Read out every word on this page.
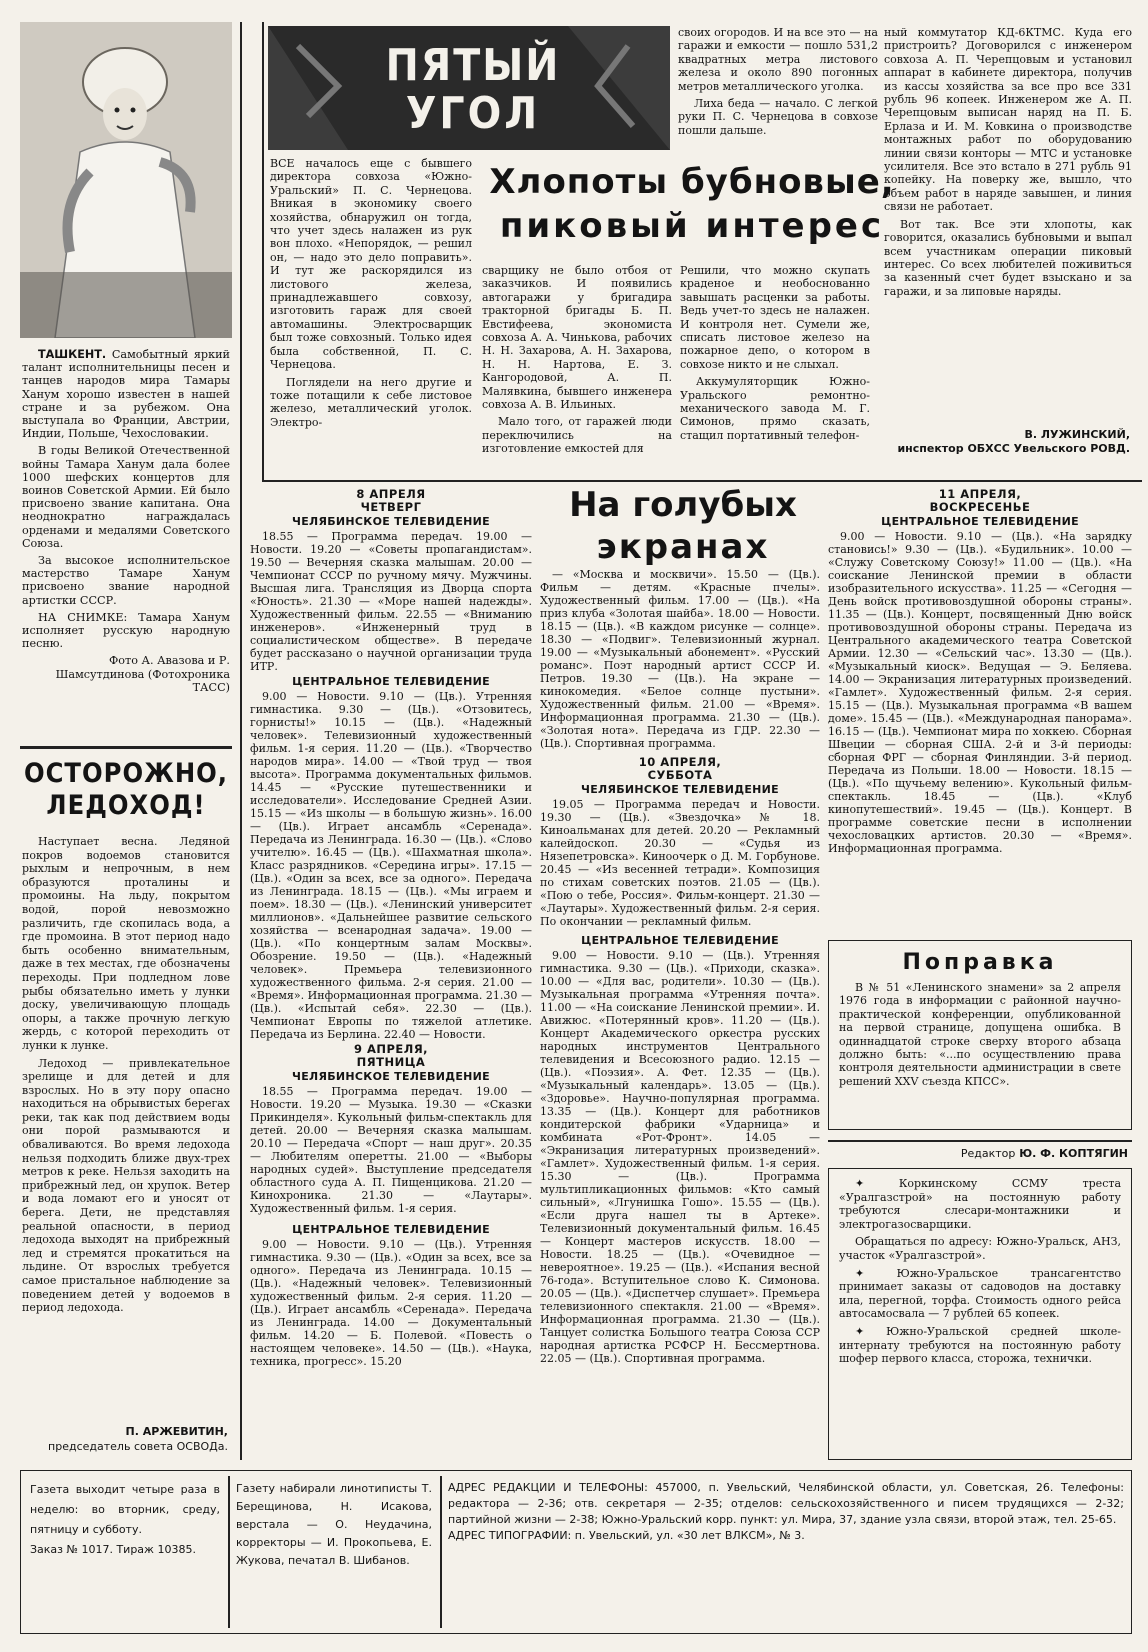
ТАШКЕНТ. Самобытный яркий талант исполнительницы песен и танцев народов мира Тамары Ханум хорошо известен в нашей стране и за рубежом. Она выступала во Франции, Австрии, Индии, Польше, Чехословакии.

В годы Великой Отечественной войны Тамара Ханум дала более 1000 шефских концертов для воинов Советской Армии. Ей было присвоено звание капитана. Она неоднократно награждалась орденами и медалями Советского Союза.

За высокое исполнительское мастерство Тамаре Ханум присвоено звание народной артистки СССР.

НА СНИМКЕ: Тамара Ханум исполняет русскую народную песню.

Фото А. Авазова и Р. Шамсутдинова (Фотохроника ТАСС)

ОСТОРОЖНО,
ЛЕДОХОД!

Наступает весна. Ледяной покров водоемов становится рыхлым и непрочным, в нем образуются проталины и промоины. На льду, покрытом водой, порой невозможно различить, где скопилась вода, а где промоина. В этот период надо быть особенно внимательным, даже в тех местах, где обозначены переходы. При подледном лове рыбы обязательно иметь у лунки доску, увеличивающую площадь опоры, а также прочную легкую жердь, с которой переходить от лунки к лунке.

Ледоход — привлекательное зрелище и для детей и для взрослых. Но в эту пору опасно находиться на обрывистых берегах реки, так как под действием воды они порой размываются и обваливаются. Во время ледохода нельзя подходить ближе двух-трех метров к реке. Нельзя заходить на прибрежный лед, он хрупок. Ветер и вода ломают его и уносят от берега. Дети, не представляя реальной опасности, в период ледохода выходят на прибрежный лед и стремятся прокатиться на льдине. От взрослых требуется самое пристальное наблюдение за поведением детей у водоемов в период ледохода.

П. АРЖЕВИТИН,
председатель совета ОСВОДа.
ПЯТЫЙ
УГОЛ

ВСЕ началось еще с бывшего директора совхоза «Южно-Уральский» П. С. Чернецова. Вникая в экономику своего хозяйства, обнаружил он тогда, что учет здесь налажен из рук вон плохо. «Непорядок, — решил он, — надо это дело поправить». И тут же раскорядился из листового железа, принадлежавшего совхозу, изготовить гараж для своей автомашины. Электросварщик был тоже совхозный. Только идея была собственной, П. С. Чернецова.

Поглядели на него другие и тоже потащили к себе листовое железо, металлический уголок. Электро-

Хлопоты бубновые,
пиковый интерес

своих огородов. И на все это — на гаражи и емкости — пошло 531,2 квадратных метра листового железа и около 890 погонных метров металлического уголка.

Лиха беда — начало. С легкой руки П. С. Чернецова в совхозе пошли дальше.

сварщику не было отбоя от заказчиков. И появились автогаражи у бригадира тракторной бригады Б. П. Евстифеева, экономиста совхоза А. А. Чинькова, рабочих Н. Н. Захарова, А. Н. Захарова, Н. Н. Нартова, Е. З. Кангородовой, А. П. Малявкина, бывшего инженера совхоза А. В. Ильиных.

Мало того, от гаражей люди переключились на изготовление емкостей для

Решили, что можно скупать краденое и необоснованно завышать расценки за работы. Ведь учет-то здесь не налажен. И контроля нет. Сумели же, списать листовое железо на пожарное депо, о котором в совхозе никто и не слыхал.

Аккумуляторщик Южно-Уральского ремонтно-механического завода М. Г. Симонов, прямо сказать, стащил портативный телефон-

ный коммутатор КД-6КТМС. Куда его пристроить? Договорился с инженером совхоза А. П. Черепцовым и установил аппарат в кабинете директора, получив из кассы хозяйства за все про все 331 рубль 96 копеек. Инженером же А. П. Черепцовым выписан наряд на П. Б. Ерлаза и И. М. Ковкина о производстве монтажных работ по оборудованию линии связи конторы — МТС и установке усилителя. Все это встало в 271 рубль 91 копейку. На поверку же, вышло, что объем работ в наряде завышен, и линия связи не работает.

Вот так. Все эти хлопоты, как говорится, оказались бубновыми и выпал всем участникам операции пиковый интерес. Со всех любителей поживиться за казенный счет будет взыскано и за гаражи, и за липовые наряды.

В. ЛУЖИНСКИЙ,
инспектор ОБХСС Увельского РОВД.
На голубых
экранах
8 АПРЕЛЯ
ЧЕТВЕРГ
ЧЕЛЯБИНСКОЕ ТЕЛЕВИДЕНИЕ
18.55 — Программа передач. 19.00 — Новости. 19.20 — «Советы пропагандистам». 19.50 — Вечерняя сказка малышам. 20.00 — Чемпионат СССР по ручному мячу. Мужчины. Высшая лига. Трансляция из Дворца спорта «Юность». 21.30 — «Море нашей надежды». Художественный фильм. 22.55 — «Вниманию инженеров». «Инженерный труд в социалистическом обществе». В передаче будет рассказано о научной организации труда ИТР.
ЦЕНТРАЛЬНОЕ ТЕЛЕВИДЕНИЕ
9.00 — Новости. 9.10 — (Цв.). Утренняя гимнастика. 9.30 — (Цв.). «Отзовитесь, горнисты!» 10.15 — (Цв.). «Надежный человек». Телевизионный художественный фильм. 1-я серия. 11.20 — (Цв.). «Творчество народов мира». 14.00 — «Твой труд — твоя высота». Программа документальных фильмов. 14.45 — «Русские путешественники и исследователи». Исследование Средней Азии. 15.15 — «Из школы — в большую жизнь». 16.00 — (Цв.). Играет ансамбль «Серенада». Передача из Ленинграда. 16.30 — (Цв.). «Слово учителю». 16.45 — (Цв.). «Шахматная школа». Класс разрядников. «Середина игры». 17.15 — (Цв.). «Один за всех, все за одного». Передача из Ленинграда. 18.15 — (Цв.). «Мы играем и поем». 18.30 — (Цв.). «Ленинский университет миллионов». «Дальнейшее развитие сельского хозяйства — всенародная задача». 19.00 — (Цв.). «По концертным залам Москвы». Обозрение. 19.50 — (Цв.). «Надежный человек». Премьера телевизионного художественного фильма. 2-я серия. 21.00 — «Время». Информационная программа. 21.30 — (Цв.). «Испытай себя». 22.30 — (Цв.). Чемпионат Европы по тяжелой атлетике. Передача из Берлина. 22.40 — Новости.
9 АПРЕЛЯ,
ПЯТНИЦА
ЧЕЛЯБИНСКОЕ ТЕЛЕВИДЕНИЕ
18.55 — Программа передач. 19.00 — Новости. 19.20 — Музыка. 19.30 — «Сказки Прикинделя». Кукольный фильм-спектакль для детей. 20.00 — Вечерняя сказка малышам. 20.10 — Передача «Спорт — наш друг». 20.35 — Любителям оперетты. 21.00 — «Выборы народных судей». Выступление председателя областного суда А. П. Пищенцикова. 21.20 — Кинохроника. 21.30 — «Лаутары». Художественный фильм. 1-я серия.
ЦЕНТРАЛЬНОЕ ТЕЛЕВИДЕНИЕ
9.00 — Новости. 9.10 — (Цв.). Утренняя гимнастика. 9.30 — (Цв.). «Один за всех, все за одного». Передача из Ленинграда. 10.15 — (Цв.). «Надежный человек». Телевизионный художественный фильм. 2-я серия. 11.20 — (Цв.). Играет ансамбль «Серенада». Передача из Ленинграда. 14.00 — Документальный фильм. 14.20 — Б. Полевой. «Повесть о настоящем человеке». 14.50 — (Цв.). «Наука, техника, прогресс». 15.20
— «Москва и москвичи». 15.50 — (Цв.). Фильм — детям. «Красные пчелы». Художественный фильм. 17.00 — (Цв.). «На приз клуба «Золотая шайба». 18.00 — Новости. 18.15 — (Цв.). «В каждом рисунке — солнце». 18.30 — «Подвиг». Телевизионный журнал. 19.00 — «Музыкальный абонемент». «Русский романс». Поэт народный артист СССР И. Петров. 19.30 — (Цв.). На экране — кинокомедия. «Белое солнце пустыни». Художественный фильм. 21.00 — «Время». Информационная программа. 21.30 — (Цв.). «Золотая нота». Передача из ГДР. 22.30 — (Цв.). Спортивная программа.
10 АПРЕЛЯ,
СУББОТА
ЧЕЛЯБИНСКОЕ ТЕЛЕВИДЕНИЕ
19.05 — Программа передач и Новости. 19.30 — (Цв.). «Звездочка» № 18. Киноальманах для детей. 20.20 — Рекламный калейдоскоп. 20.30 — «Судья из Нязепетровска». Киноочерк о Д. М. Горбунове. 20.45 — «Из весенней тетради». Композиция по стихам советских поэтов. 21.05 — (Цв.). «Пою о тебе, Россия». Фильм-концерт. 21.30 — «Лаутары». Художественный фильм. 2-я серия. По окончании — рекламный фильм.
ЦЕНТРАЛЬНОЕ ТЕЛЕВИДЕНИЕ
9.00 — Новости. 9.10 — (Цв.). Утренняя гимнастика. 9.30 — (Цв.). «Приходи, сказка». 10.00 — «Для вас, родители». 10.30 — (Цв.). Музыкальная программа «Утренняя почта». 11.00 — «На соискание Ленинской премии». И. Авижюс. «Потерянный кров». 11.20 — (Цв.). Концерт Академического оркестра русских народных инструментов Центрального телевидения и Всесоюзного радио. 12.15 — (Цв.). «Поэзия». А. Фет. 12.35 — (Цв.). «Музыкальный календарь». 13.05 — (Цв.). «Здоровье». Научно-популярная программа. 13.35 — (Цв.). Концерт для работников кондитерской фабрики «Ударница» и комбината «Рот-Фронт». 14.05 — «Экранизация литературных произведений». «Гамлет». Художественный фильм. 1-я серия. 15.30 — (Цв.). Программа мультипликационных фильмов: «Кто самый сильный», «Лгунишка Гошо». 15.55 — (Цв.). «Если друга нашел ты в Артеке». Телевизионный документальный фильм. 16.45 — Концерт мастеров искусств. 18.00 — Новости. 18.25 — (Цв.). «Очевидное — невероятное». 19.25 — (Цв.). «Испания весной 76-года». Вступительное слово К. Симонова. 20.05 — (Цв.). «Диспетчер слушает». Премьера телевизионного спектакля. 21.00 — «Время». Информационная программа. 21.30 — (Цв.). Танцует солистка Большого театра Союза ССР народная артистка РСФСР Н. Бессмертнова. 22.05 — (Цв.). Спортивная программа.
11 АПРЕЛЯ,
ВОСКРЕСЕНЬЕ
ЦЕНТРАЛЬНОЕ ТЕЛЕВИДЕНИЕ
9.00 — Новости. 9.10 — (Цв.). «На зарядку становись!» 9.30 — (Цв.). «Будильник». 10.00 — «Служу Советскому Союзу!» 11.00 — (Цв.). «На соискание Ленинской премии в области изобразительного искусства». 11.25 — «Сегодня — День войск противовоздушной обороны страны». 11.35 — (Цв.). Концерт, посвященный Дню войск противовоздушной обороны страны. Передача из Центрального академического театра Советской Армии. 12.30 — «Сельский час». 13.30 — (Цв.). «Музыкальный киоск». Ведущая — Э. Беляева. 14.00 — Экранизация литературных произведений. «Гамлет». Художественный фильм. 2-я серия. 15.15 — (Цв.). Музыкальная программа «В вашем доме». 15.45 — (Цв.). «Международная панорама». 16.15 — (Цв.). Чемпионат мира по хоккею. Сборная Швеции — сборная США. 2-й и 3-й периоды: сборная ФРГ — сборная Финляндии. 3-й период. Передача из Польши. 18.00 — Новости. 18.15 — (Цв.). «По щучьему велению». Кукольный фильм-спектакль. 18.45 — (Цв.). «Клуб кинопутешествий». 19.45 — (Цв.). Концерт. В программе советские песни в исполнении чехословацких артистов. 20.30 — «Время». Информационная программа.
Поправка
В № 51 «Ленинского знамени» за 2 апреля 1976 года в информации с районной научно-практической конференции, опубликованной на первой странице, допущена ошибка. В одиннадцатой строке сверху второго абзаца должно быть: «...по осуществлению права контроля деятельности администрации в свете решений XXV съезда КПСС».
Редактор Ю. Ф. КОПТЯГИН

✦	Коркинскому ССМУ треста «Уралгазстрой» на постоянную работу требуются слесари-монтажники и электрогазосварщики.

Обращаться по адресу: Южно-Уральск, АНЗ, участок «Уралгазстрой».

✦	Южно-Уральское трансагентство принимает заказы от садоводов на доставку ила, перегной, торфа. Стоимость одного рейса автосамосвала — 7 рублей 65 копеек.

✦ Южно-Уральской средней школе-интернату требуются на постоянную работу шофер первого класса, сторожа, технички.

Газета выходит четыре раза в неделю: во вторник, среду, пятницу и субботу.
Заказ № 1017. Тираж 10385.
Газету набирали линотиписты Т. Берещинова, Н. Исакова, верстала — О. Неудачина, корректоры — И. Прокопьева, Е. Жукова, печатал В. Шибанов.
АДРЕС РЕДАКЦИИ И ТЕЛЕФОНЫ: 457000, п. Увельский, Челябинской области, ул. Советская, 26. Телефоны: редактора — 2-36; отв. секретаря — 2-35; отделов: сельскохозяйственного и писем трудящихся — 2-32; партийной жизни — 2-38; Южно-Уральский корр. пункт: ул. Мира, 37, здание узла связи, второй этаж, тел. 25-65.
АДРЕС ТИПОГРАФИИ: п. Увельский, ул. «30 лет ВЛКСМ», № 3.
